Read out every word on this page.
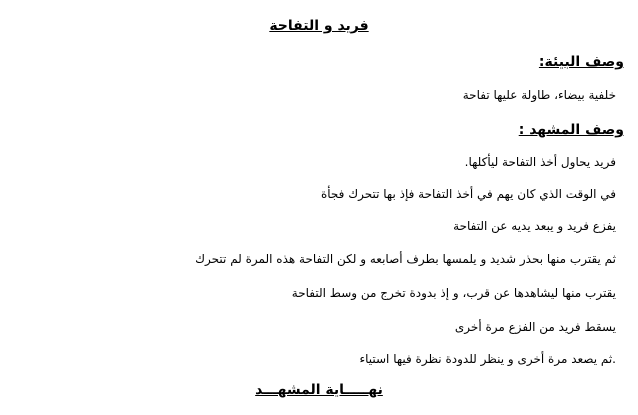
فريد و التفاحة
وصف البيئة:
خلفية بيضاء، طاولة عليها تفاحة
وصف المشهد :
فريد يحاول أخذ التفاحة ليأكلها.
في الوقت الذي كان يهم في أخذ التفاحة فإذ بها تتحرك فجأة
يفزع فريد و يبعد يديه عن التفاحة
ثم يقترب منها بحذر شديد و يلمسها بطرف أصابعه و لكن التفاحة هذه المرة لم تتحرك
يقترب منها ليشاهدها عن قرب، و إذ بدودة تخرج من وسط التفاحة
يسقط فريد من الفزع مرة أخرى
.ثم يصعد مرة أخرى و ينظر للدودة نظرة فيها استياء
نهـــــاية المشهـــد
